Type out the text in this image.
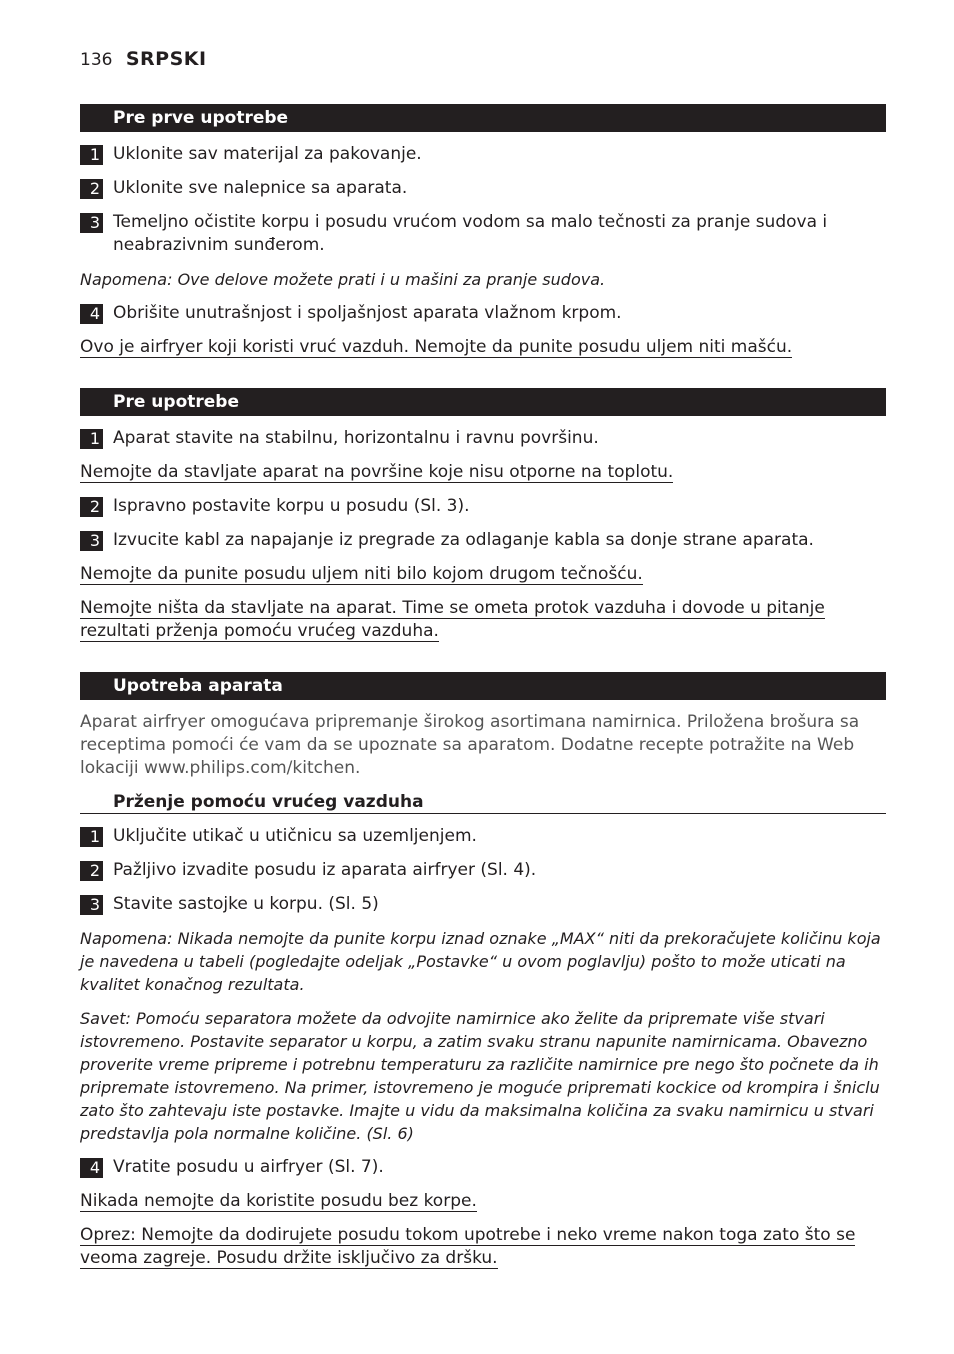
136 SRPSKI
Pre prve upotrebe
1 Uklonite sav materijal za pakovanje.
2 Uklonite sve nalepnice sa aparata.
3 Temeljno očistite korpu i posudu vrućom vodom sa malo tečnosti za pranje sudova i neabrazivnim sunđerom.
Napomena: Ove delove možete prati i u mašini za pranje sudova.
4 Obrišite unutrašnjost i spoljašnjost aparata vlažnom krpom.
Ovo je airfryer koji koristi vruć vazduh. Nemojte da punite posudu uljem niti mašću.
Pre upotrebe
1 Aparat stavite na stabilnu, horizontalnu i ravnu površinu.
Nemojte da stavljate aparat na površine koje nisu otporne na toplotu.
2 Ispravno postavite korpu u posudu (Sl. 3).
3 Izvucite kabl za napajanje iz pregrade za odlaganje kabla sa donje strane aparata.
Nemojte da punite posudu uljem niti bilo kojom drugom tečnošću.
Nemojte ništa da stavljate na aparat. Time se ometa protok vazduha i dovode u pitanje rezultati prženja pomoću vrućeg vazduha.
Upotreba aparata
Aparat airfryer omogućava pripremanje širokog asortimana namirnica. Priložena brošura sa receptima pomoći će vam da se upoznate sa aparatom. Dodatne recepte potražite na Web lokaciji www.philips.com/kitchen.
Prženje pomoću vrućeg vazduha
1 Uključite utikač u utičnicu sa uzemljenjem.
2 Pažljivo izvadite posudu iz aparata airfryer (Sl. 4).
3 Stavite sastojke u korpu. (Sl. 5)
Napomena: Nikada nemojte da punite korpu iznad oznake „MAX“ niti da prekoračujete količinu koja je navedena u tabeli (pogledajte odeljak „Postavke“ u ovom poglavlju) pošto to može uticati na kvalitet konačnog rezultata.
Savet: Pomoću separatora možete da odvojite namirnice ako želite da pripremate više stvari istovremeno. Postavite separator u korpu, a zatim svaku stranu napunite namirnicama. Obavezno proverite vreme pripreme i potrebnu temperaturu za različite namirnice pre nego što počnete da ih pripremate istovremeno. Na primer, istovremeno je moguće pripremati kockice od krompira i šniclu zato što zahtevaju iste postavke. Imajte u vidu da maksimalna količina za svaku namirnicu u stvari predstavlja pola normalne količine. (Sl. 6)
4 Vratite posudu u airfryer (Sl. 7).
Nikada nemojte da koristite posudu bez korpe.
Oprez: Nemojte da dodirujete posudu tokom upotrebe i neko vreme nakon toga zato što se veoma zagreje. Posudu držite isključivo za dršku.
